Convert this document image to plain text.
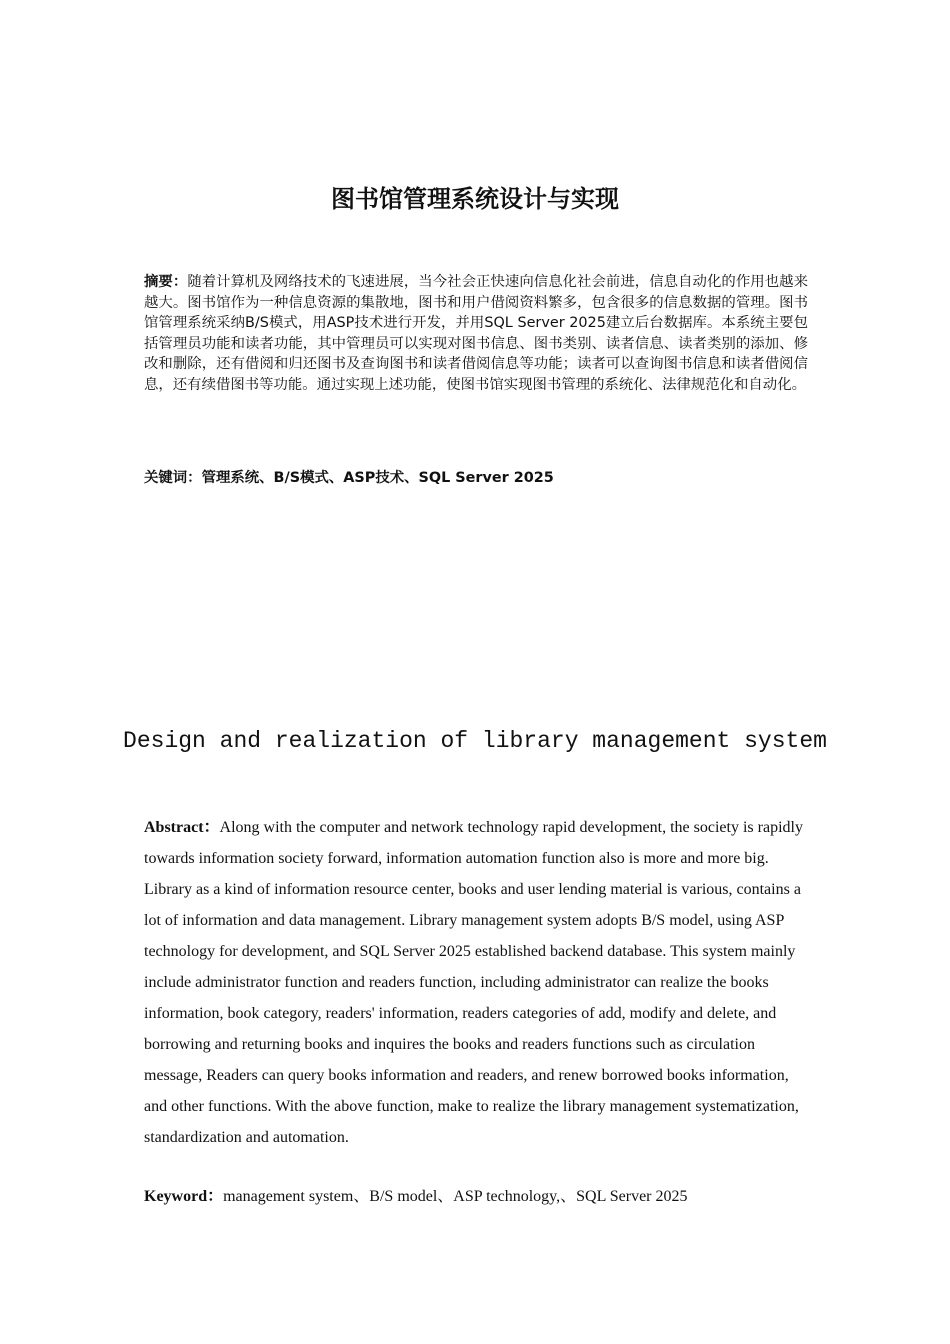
图书馆管理系统设计与实现

摘要：随着计算机及网络技术的飞速进展，当今社会正快速向信息化社会前进，信息自动化的作用也越来越大。图书馆作为一种信息资源的集散地，图书和用户借阅资料繁多，包含很多的信息数据的管理。图书馆管理系统采纳B/S模式，用ASP技术进行开发，并用SQL Server 2025建立后台数据库。本系统主要包括管理员功能和读者功能，其中管理员可以实现对图书信息、图书类别、读者信息、读者类别的添加、修改和删除，还有借阅和归还图书及查询图书和读者借阅信息等功能；读者可以查询图书信息和读者借阅信息，还有续借图书等功能。通过实现上述功能，使图书馆实现图书管理的系统化、法律规范化和自动化。

关键词：管理系统、B/S模式、ASP技术、SQL Server 2025

Design and realization of library management system

Abstract：Along with the computer and network technology rapid development, the society is rapidly towards information society forward, information automation function also is more and more big. Library as a kind of information resource center, books and user lending material is various, contains a lot of information and data management. Library management system adopts B/S model, using ASP technology for development, and SQL Server 2025 established backend database. This system mainly include administrator function and readers function, including administrator can realize the books information, book category, readers' information, readers categories of add, modify and delete, and borrowing and returning books and inquires the books and readers functions such as circulation message, Readers can query books information and readers, and renew borrowed books information, and other functions. With the above function, make to realize the library management systematization, standardization and automation.

Keyword：management system、B/S model、ASP technology,、SQL Server 2025
